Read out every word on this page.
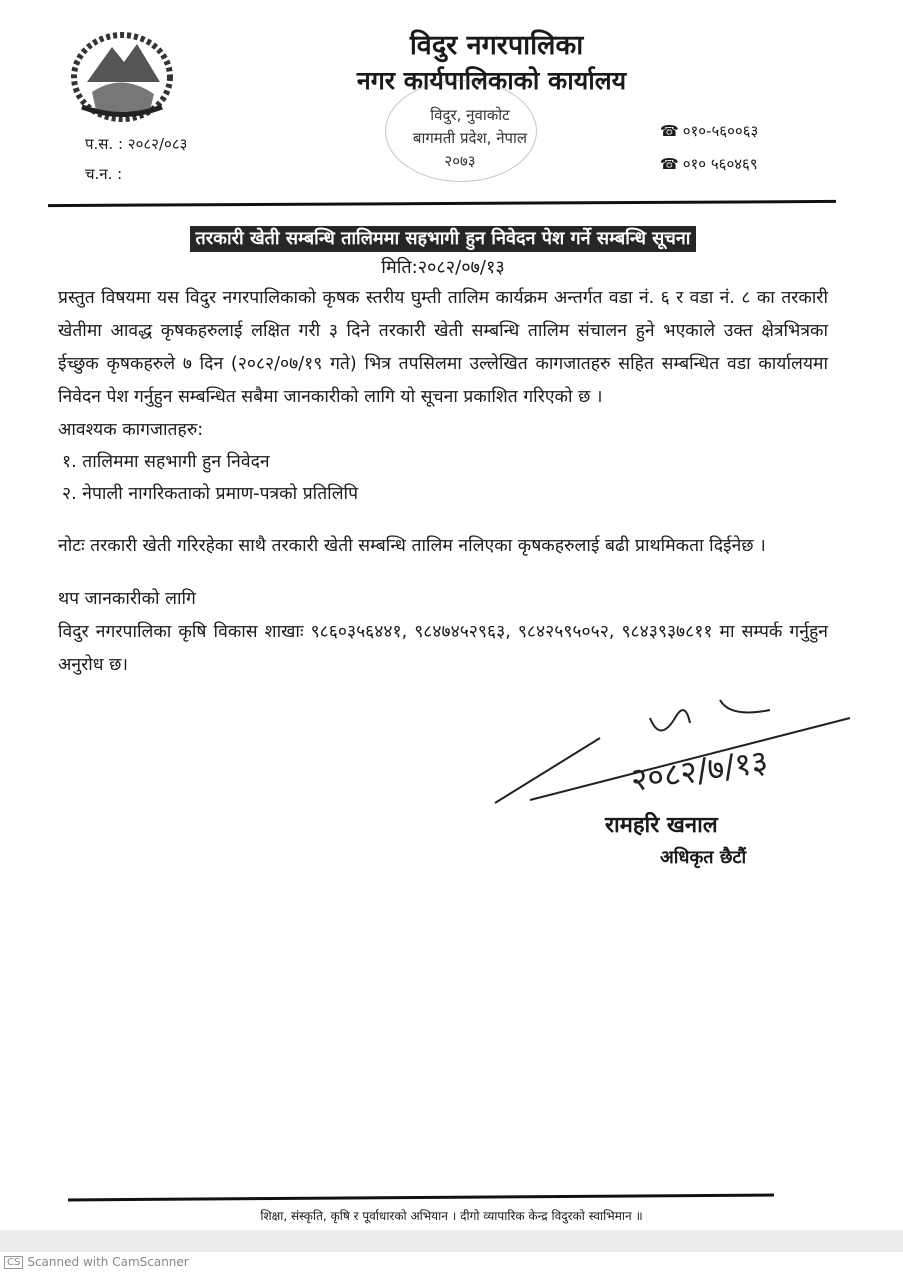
विदुर नगरपालिका
नगर कार्यपालिकाको कार्यालय
विदुर, नुवाकोट
बागमती प्रदेश, नेपाल
२०७३
प.स. : २०८२/०८३
च.न. :
☎ ०१०-५६००६३
☎ ०१० ५६०४६९
तरकारी खेती सम्बन्धि तालिममा सहभागी हुन निवेदन पेश गर्ने सम्बन्धि सूचना
मिति:२०८२/०७/१३
प्रस्तुत विषयमा यस विदुर नगरपालिकाको कृषक स्तरीय घुम्ती तालिम कार्यक्रम अन्तर्गत वडा नं. ६ र वडा नं. ८ का तरकारी खेतीमा आवद्ध कृषकहरुलाई लक्षित गरी ३ दिने तरकारी खेती सम्बन्धि तालिम संचालन हुने भएकाले उक्त क्षेत्रभित्रका ईच्छुक कृषकहरुले ७ दिन (२०८२/०७/१९ गते) भित्र तपसिलमा उल्लेखित कागजातहरु सहित सम्बन्धित वडा कार्यालयमा निवेदन पेश गर्नुहुन सम्बन्धित सबैमा जानकारीको लागि यो सूचना प्रकाशित गरिएको छ ।
आवश्यक कागजातहरु:
१. तालिममा सहभागी हुन निवेदन
२. नेपाली नागरिकताको प्रमाण-पत्रको प्रतिलिपि
नोटः तरकारी खेती गरिरहेका साथै तरकारी खेती सम्बन्धि तालिम नलिएका कृषकहरुलाई बढी प्राथमिकता दिईनेछ ।
थप जानकारीको लागि
विदुर नगरपालिका कृषि विकास शाखाः ९८६०३५६४४१, ९८४७४५२९६३, ९८४२५९५०५२, ९८४३९३७८११ मा सम्पर्क गर्नुहुन अनुरोध छ।
२०८२/७/१३
रामहरि खनाल
अधिकृत छैटौं
शिक्षा, संस्कृति, कृषि र पूर्वाधारको अभियान । दीगो व्यापारिक केन्द्र विदुरको स्वाभिमान ॥
CS Scanned with CamScanner
